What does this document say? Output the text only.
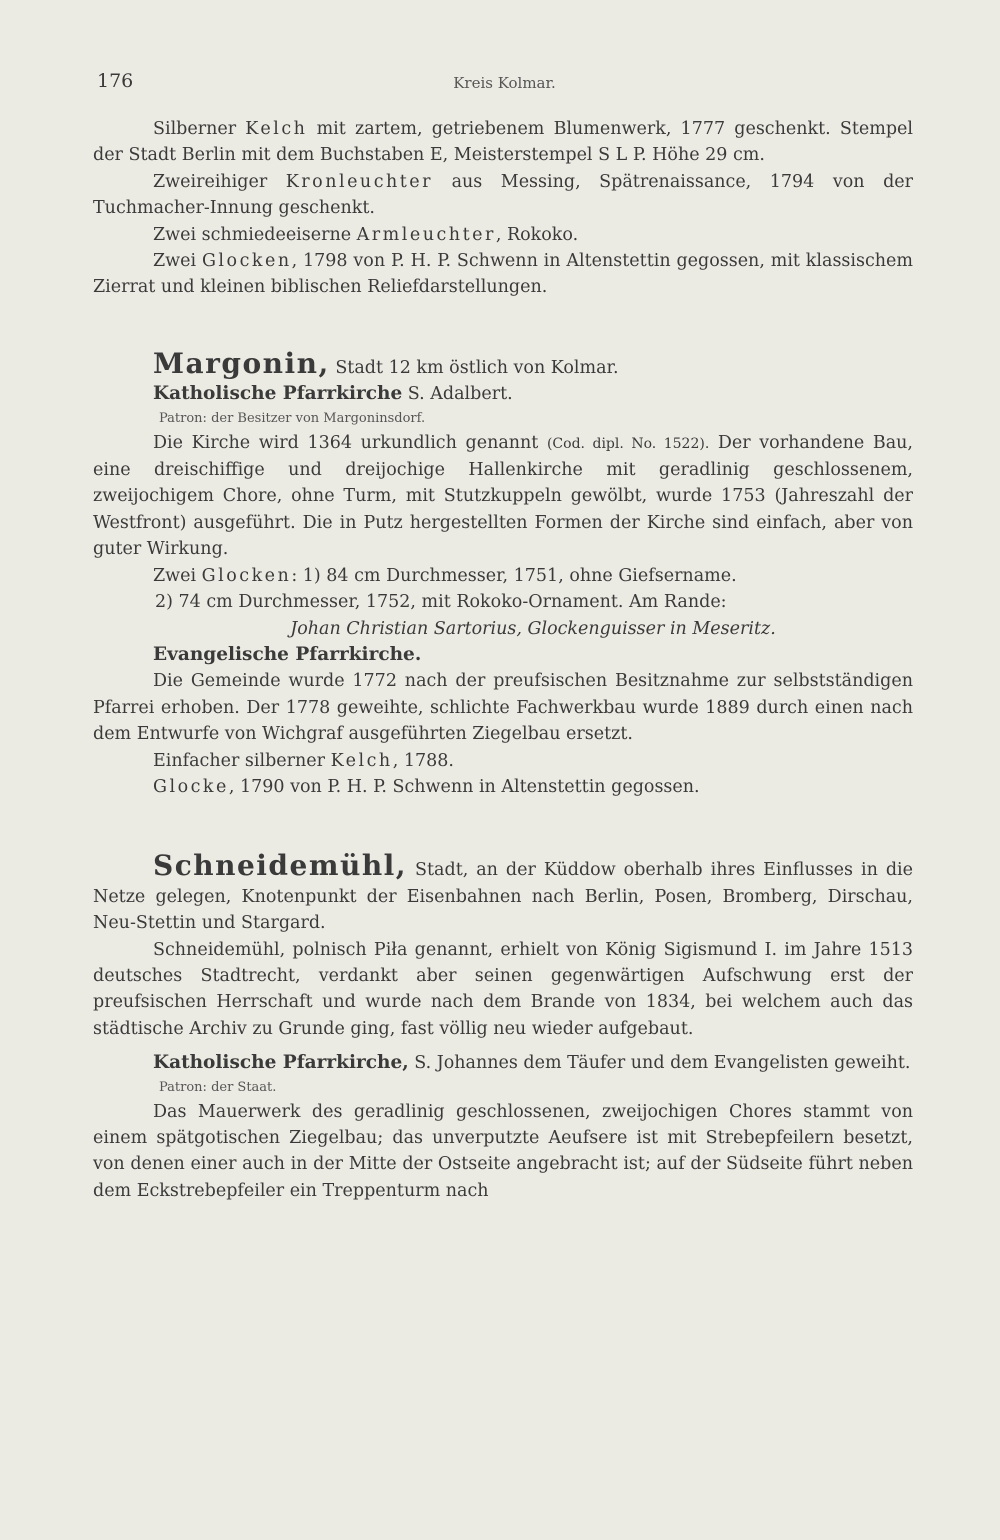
176	Kreis Kolmar.

Silberner Kelch mit zartem, getriebenem Blumenwerk, 1777 geschenkt. Stempel der Stadt Berlin mit dem Buchstaben E, Meisterstempel S L P. Höhe 29 cm.

Zweireihiger Kronleuchter aus Messing, Spätrenaissance, 1794 von der Tuchmacher-Innung geschenkt.

Zwei schmiedeeiserne Armleuchter, Rokoko.

Zwei Glocken, 1798 von P. H. P. Schwenn in Altenstettin gegossen, mit klassischem Zierrat und kleinen biblischen Reliefdarstellungen.

Margonin, Stadt 12 km östlich von Kolmar.

Katholische Pfarrkirche S. Adalbert.

Patron: der Besitzer von Margoninsdorf.

Die Kirche wird 1364 urkundlich genannt (Cod. dipl. No. 1522). Der vorhandene Bau, eine dreischiffige und dreijochige Hallenkirche mit geradlinig geschlossenem, zweijochigem Chore, ohne Turm, mit Stutzkuppeln gewölbt, wurde 1753 (Jahreszahl der Westfront) ausgeführt. Die in Putz hergestellten Formen der Kirche sind einfach, aber von guter Wirkung.

Zwei Glocken: 1) 84 cm Durchmesser, 1751, ohne Giefsername.

2) 74 cm Durchmesser, 1752, mit Rokoko-Ornament. Am Rande:

Johan Christian Sartorius, Glockenguisser in Meseritz.

Evangelische Pfarrkirche.

Die Gemeinde wurde 1772 nach der preufsischen Besitznahme zur selbstständigen Pfarrei erhoben. Der 1778 geweihte, schlichte Fachwerkbau wurde 1889 durch einen nach dem Entwurfe von Wichgraf ausgeführten Ziegelbau ersetzt.

Einfacher silberner Kelch, 1788.

Glocke, 1790 von P. H. P. Schwenn in Altenstettin gegossen.

Schneidemühl, Stadt, an der Küddow oberhalb ihres Einflusses in die Netze gelegen, Knotenpunkt der Eisenbahnen nach Berlin, Posen, Bromberg, Dirschau, Neu-Stettin und Stargard.

Schneidemühl, polnisch Piła genannt, erhielt von König Sigismund I. im Jahre 1513 deutsches Stadtrecht, verdankt aber seinen gegenwärtigen Aufschwung erst der preufsischen Herrschaft und wurde nach dem Brande von 1834, bei welchem auch das städtische Archiv zu Grunde ging, fast völlig neu wieder aufgebaut.

Katholische Pfarrkirche, S. Johannes dem Täufer und dem Evangelisten geweiht.

Patron: der Staat.

Das Mauerwerk des geradlinig geschlossenen, zweijochigen Chores stammt von einem spätgotischen Ziegelbau; das unverputzte Aeufsere ist mit Strebepfeilern besetzt, von denen einer auch in der Mitte der Ostseite angebracht ist; auf der Südseite führt neben dem Eckstrebepfeiler ein Treppenturm nach
